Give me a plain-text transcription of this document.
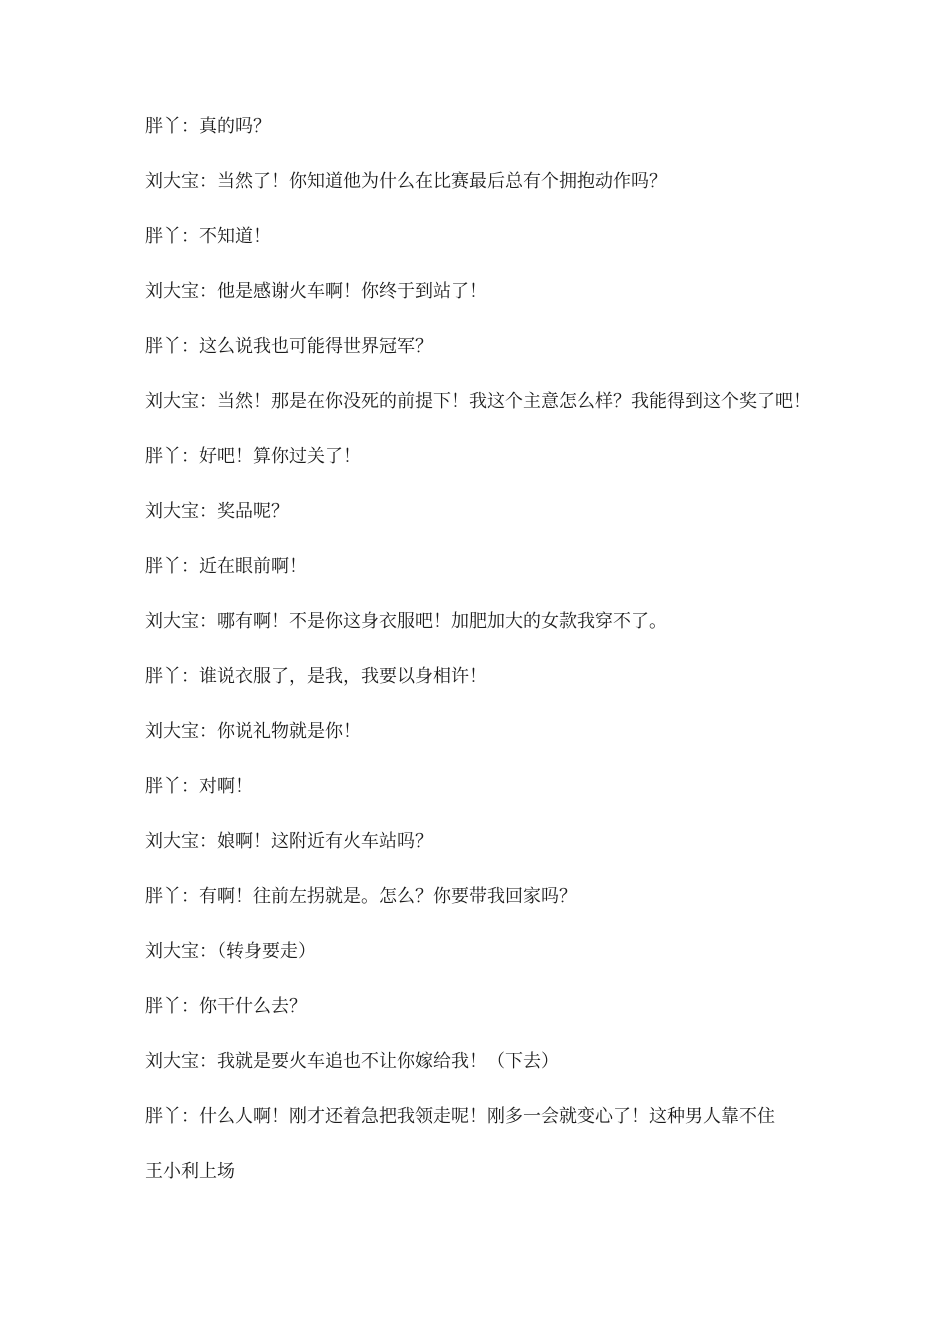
胖丫：真的吗？

刘大宝：当然了！你知道他为什么在比赛最后总有个拥抱动作吗？

胖丫：不知道！

刘大宝：他是感谢火车啊！你终于到站了！

胖丫：这么说我也可能得世界冠军？

刘大宝：当然！那是在你没死的前提下！我这个主意怎么样？我能得到这个奖了吧！

胖丫：好吧！算你过关了！

刘大宝：奖品呢？

胖丫：近在眼前啊！

刘大宝：哪有啊！不是你这身衣服吧！加肥加大的女款我穿不了。

胖丫：谁说衣服了，是我，我要以身相许！

刘大宝：你说礼物就是你！

胖丫：对啊！

刘大宝：娘啊！这附近有火车站吗？

胖丫：有啊！往前左拐就是。怎么？你要带我回家吗？

刘大宝：（转身要走）

胖丫：你干什么去？

刘大宝：我就是要火车追也不让你嫁给我！（下去）

胖丫：什么人啊！刚才还着急把我领走呢！刚多一会就变心了！这种男人靠不住

王小利上场
